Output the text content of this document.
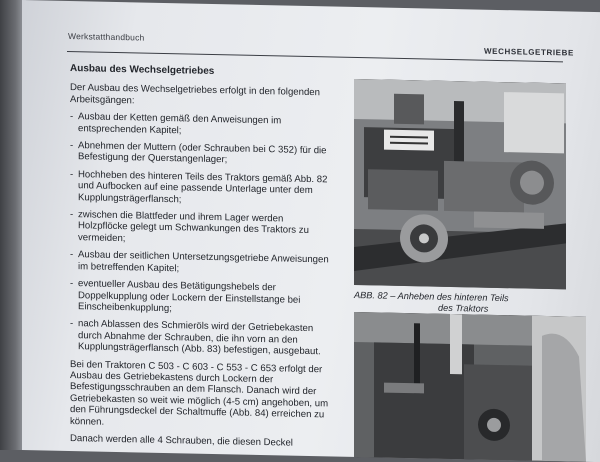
Werkstatthandbuch
WECHSELGETRIEBE
Ausbau des Wechselgetriebes

Der Ausbau des Wechselgetriebes erfolgt in den folgenden Arbeitsgängen:

- Ausbau der Ketten gemäß den Anweisungen im entsprechenden Kapitel;
- Abnehmen der Muttern (oder Schrauben bei C 352) für die Befestigung der Querstangenlager;
- Hochheben des hinteren Teils des Traktors gemäß Abb. 82 und Aufbocken auf eine passende Unterlage unter dem Kupplungsträgerflansch;
- zwischen die Blattfeder und ihrem Lager werden Holzpflöcke gelegt um Schwankungen des Traktors zu vermeiden;
- Ausbau der seitlichen Untersetzungsgetriebe Anweisungen im betreffenden Kapitel;
- eventueller Ausbau des Betätigungshebels der Doppelkupplung oder Lockern der Einstellstange bei Einscheibenkupplung;
- nach Ablassen des Schmieröls wird der Getriebekasten durch Abnahme der Schrauben, die ihn vorn an den Kupplungsträgerflansch (Abb. 83) befestigen, ausgebaut.

Bei den Traktoren C 503 - C 603 - C 553 - C 653 erfolgt der Ausbau des Getriebekastens durch Lockern der Befestigungsschrauben an dem Flansch. Danach wird der Getriebekasten so weit wie möglich (4-5 cm) angehoben, um den Führungsdeckel der Schaltmuffe (Abb. 84) erreichen zu können.

Danach werden alle 4 Schrauben, die diesen Deckel

ABB. 82 – Anheben des hinteren Teils
des Traktors
